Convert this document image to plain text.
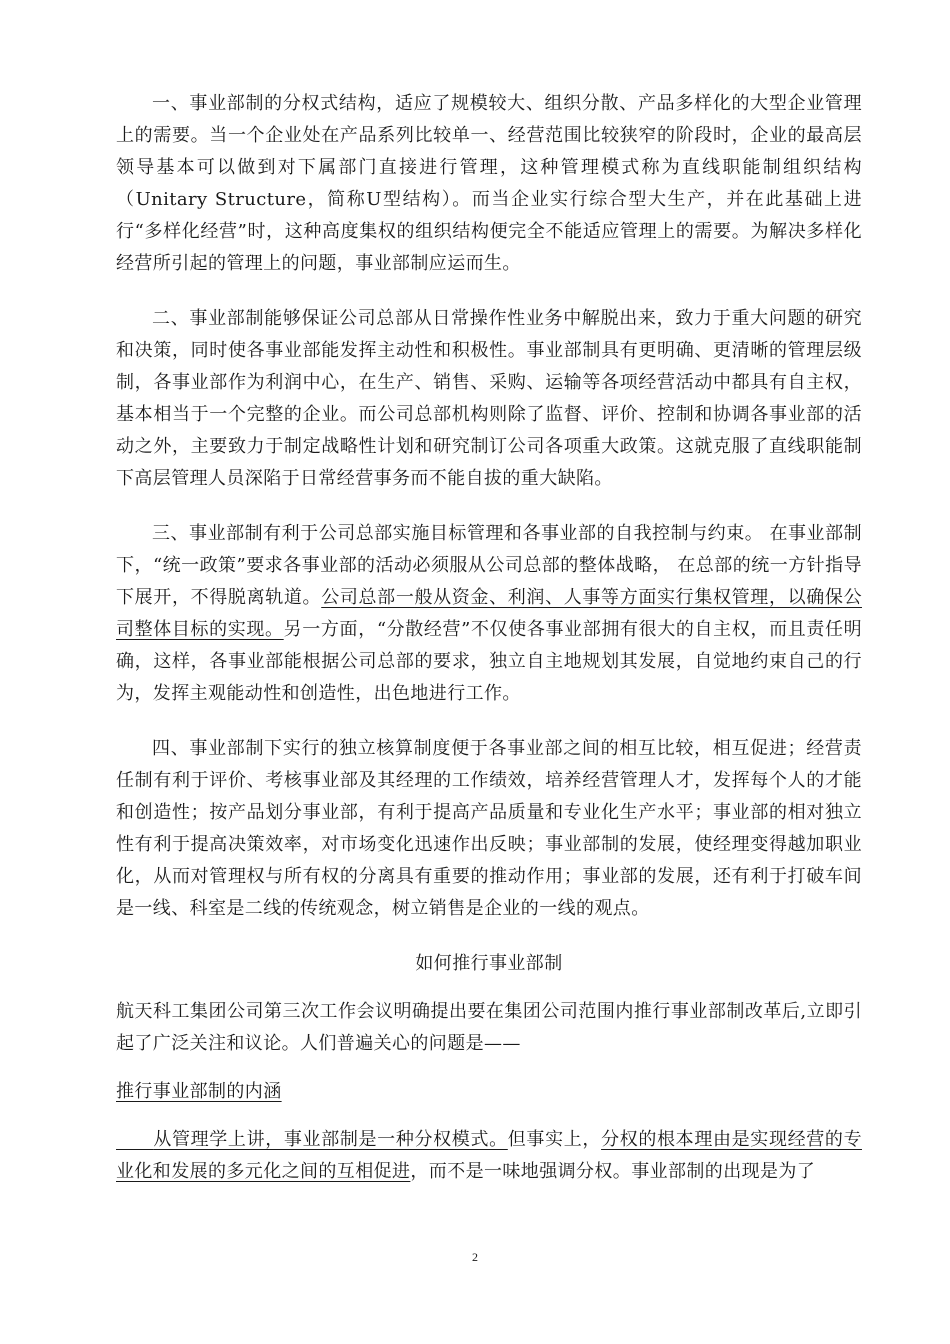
一、事业部制的分权式结构，适应了规模较大、组织分散、产品多样化的大型企业管理上的需要。当一个企业处在产品系列比较单一、经营范围比较狭窄的阶段时，企业的最高层领导基本可以做到对下属部门直接进行管理，这种管理模式称为直线职能制组织结构（Unitary Structure，简称U型结构）。而当企业实行综合型大生产，并在此基础上进行“多样化经营”时，这种高度集权的组织结构便完全不能适应管理上的需要。为解决多样化经营所引起的管理上的问题，事业部制应运而生。

二、事业部制能够保证公司总部从日常操作性业务中解脱出来，致力于重大问题的研究和决策，同时使各事业部能发挥主动性和积极性。事业部制具有更明确、更清晰的管理层级制，各事业部作为利润中心，在生产、销售、采购、运输等各项经营活动中都具有自主权，基本相当于一个完整的企业。而公司总部机构则除了监督、评价、控制和协调各事业部的活动之外，主要致力于制定战略性计划和研究制订公司各项重大政策。这就克服了直线职能制下高层管理人员深陷于日常经营事务而不能自拔的重大缺陷。

三、事业部制有利于公司总部实施目标管理和各事业部的自我控制与约束。 在事业部制下，“统一政策”要求各事业部的活动必须服从公司总部的整体战略， 在总部的统一方针指导下展开，不得脱离轨道。公司总部一般从资金、利润、人事等方面实行集权管理，以确保公司整体目标的实现。另一方面，“分散经营”不仅使各事业部拥有很大的自主权，而且责任明确，这样，各事业部能根据公司总部的要求，独立自主地规划其发展，自觉地约束自己的行为，发挥主观能动性和创造性，出色地进行工作。

四、事业部制下实行的独立核算制度便于各事业部之间的相互比较，相互促进；经营责任制有利于评价、考核事业部及其经理的工作绩效，培养经营管理人才，发挥每个人的才能和创造性；按产品划分事业部，有利于提高产品质量和专业化生产水平；事业部的相对独立性有利于提高决策效率，对市场变化迅速作出反映；事业部制的发展，使经理变得越加职业化，从而对管理权与所有权的分离具有重要的推动作用；事业部的发展，还有利于打破车间是一线、科室是二线的传统观念，树立销售是企业的一线的观点。

如何推行事业部制

航天科工集团公司第三次工作会议明确提出要在集团公司范围内推行事业部制改革后,立即引起了广泛关注和议论。人们普遍关心的问题是——

推行事业部制的内涵

　　从管理学上讲，事业部制是一种分权模式。但事实上，分权的根本理由是实现经营的专业化和发展的多元化之间的互相促进，而不是一味地强调分权。事业部制的出现是为了

2
